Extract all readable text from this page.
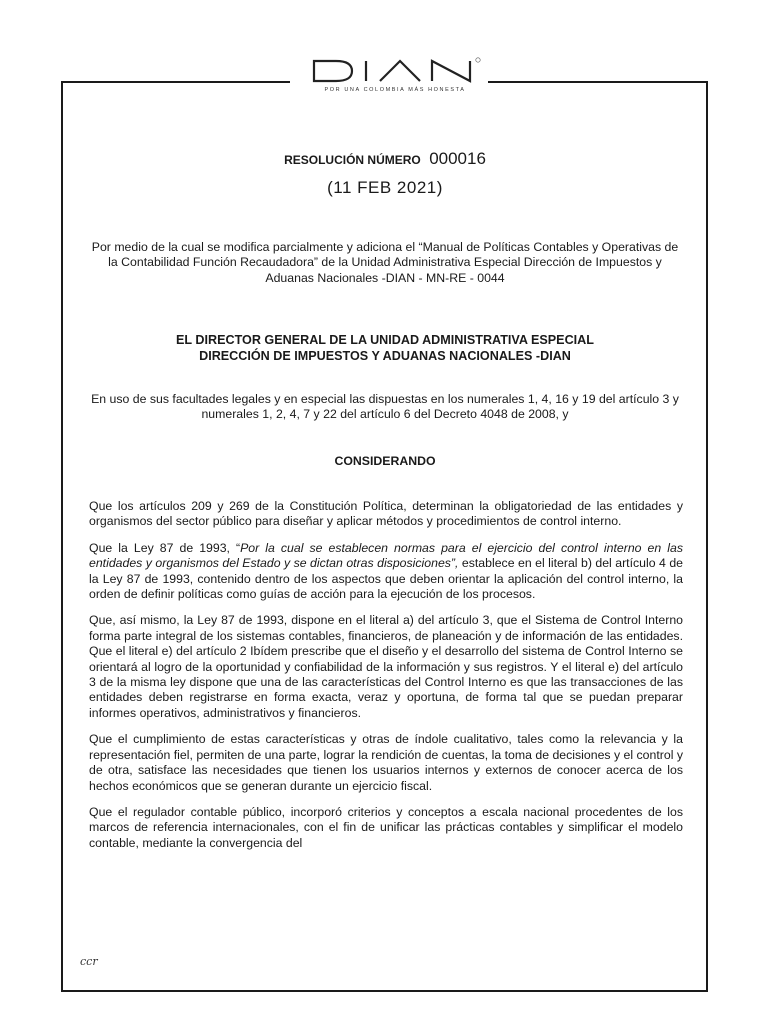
POR UNA COLOMBIA MÁS HONESTA
RESOLUCIÓN NÚMERO 000016
(11 FEB 2021)
Por medio de la cual se modifica parcialmente y adiciona el “Manual de Políticas Contables y Operativas de la Contabilidad Función Recaudadora” de la Unidad Administrativa Especial Dirección de Impuestos y Aduanas Nacionales -DIAN - MN-RE - 0044
EL DIRECTOR GENERAL DE LA UNIDAD ADMINISTRATIVA ESPECIAL
DIRECCIÓN DE IMPUESTOS Y ADUANAS NACIONALES -DIAN
En uso de sus facultades legales y en especial las dispuestas en los numerales 1, 4, 16 y 19 del artículo 3 y numerales 1, 2, 4, 7 y 22 del artículo 6 del Decreto 4048 de 2008, y
CONSIDERANDO

Que los artículos 209 y 269 de la Constitución Política, determinan la obligatoriedad de las entidades y organismos del sector público para diseñar y aplicar métodos y procedimientos de control interno.

Que la Ley 87 de 1993, “Por la cual se establecen normas para el ejercicio del control interno en las entidades y organismos del Estado y se dictan otras disposiciones”, establece en el literal b) del artículo 4 de la Ley 87 de 1993, contenido dentro de los aspectos que deben orientar la aplicación del control interno, la orden de definir políticas como guías de acción para la ejecución de los procesos.

Que, así mismo, la Ley 87 de 1993, dispone en el literal a) del artículo 3, que el Sistema de Control Interno forma parte integral de los sistemas contables, financieros, de planeación y de información de las entidades. Que el literal e) del artículo 2 Ibídem prescribe que el diseño y el desarrollo del sistema de Control Interno se orientará al logro de la oportunidad y confiabilidad de la información y sus registros. Y el literal e) del artículo 3 de la misma ley dispone que una de las características del Control Interno es que las transacciones de las entidades deben registrarse en forma exacta, veraz y oportuna, de forma tal que se puedan preparar informes operativos, administrativos y financieros.

Que el cumplimiento de estas características y otras de índole cualitativo, tales como la relevancia y la representación fiel, permiten de una parte, lograr la rendición de cuentas, la toma de decisiones y el control y de otra, satisface las necesidades que tienen los usuarios internos y externos de conocer acerca de los hechos económicos que se generan durante un ejercicio fiscal.

Que el regulador contable público, incorporó criterios y conceptos a escala nacional procedentes de los marcos de referencia internacionales, con el fin de unificar las prácticas contables y simplificar el modelo contable, mediante la convergencia del

ccr
